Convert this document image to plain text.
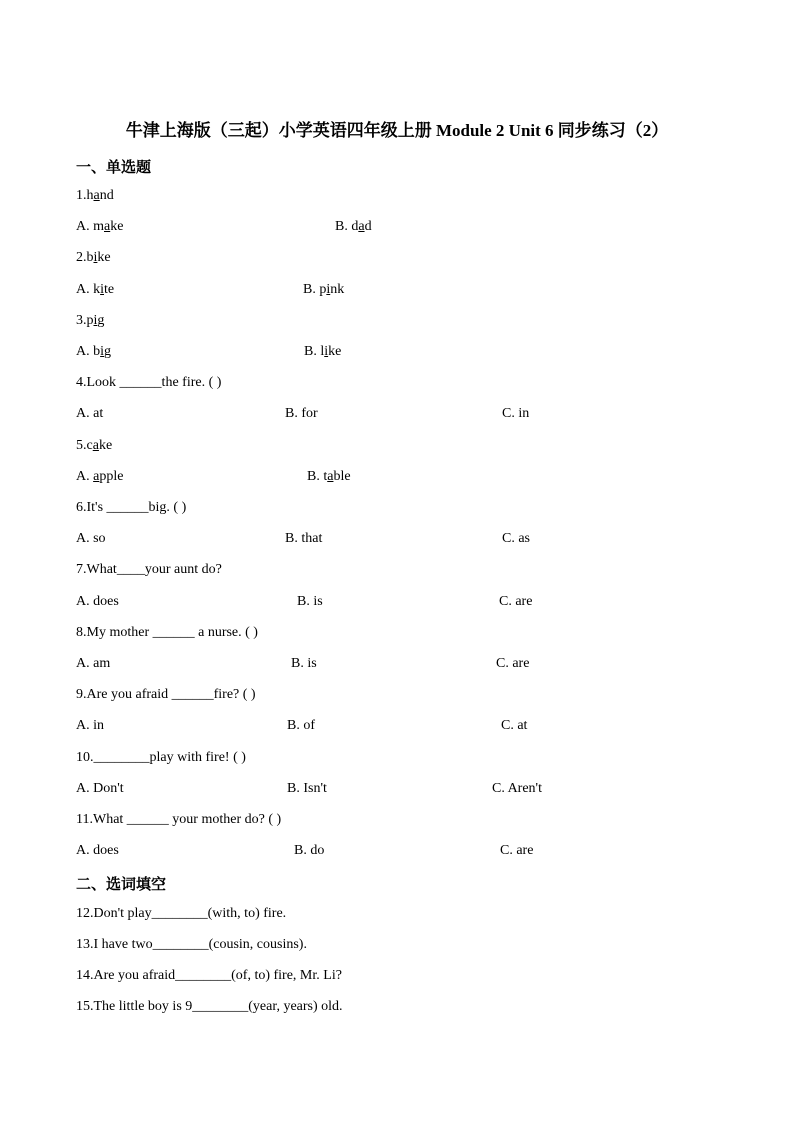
牛津上海版（三起）小学英语四年级上册 Module 2 Unit 6 同步练习（2）
一、单选题
1.hand
A. make	B. dad
2.bike
A. kite	B. pink
3.pig
A. big	B. like
4.Look ______the fire. ( )
A. at	B. for	C. in
5.cake
A. apple	B. table
6.It's ______big. ( )
A. so	B. that	C. as
7.What____your aunt do?
A. does	B. is	C. are
8.My mother ______ a nurse. ( )
A. am	B. is	C. are
9.Are you afraid ______fire? ( )
A. in	B. of	C. at
10.________play with fire! ( )
A. Don't	B. Isn't	C. Aren't
11.What ______ your mother do? ( )
A. does	B. do	C. are
二、选词填空
12.Don't play________(with, to) fire.
13.I have two________(cousin, cousins).
14.Are you afraid________(of, to) fire, Mr. Li?
15.The little boy is 9________(year, years) old.
